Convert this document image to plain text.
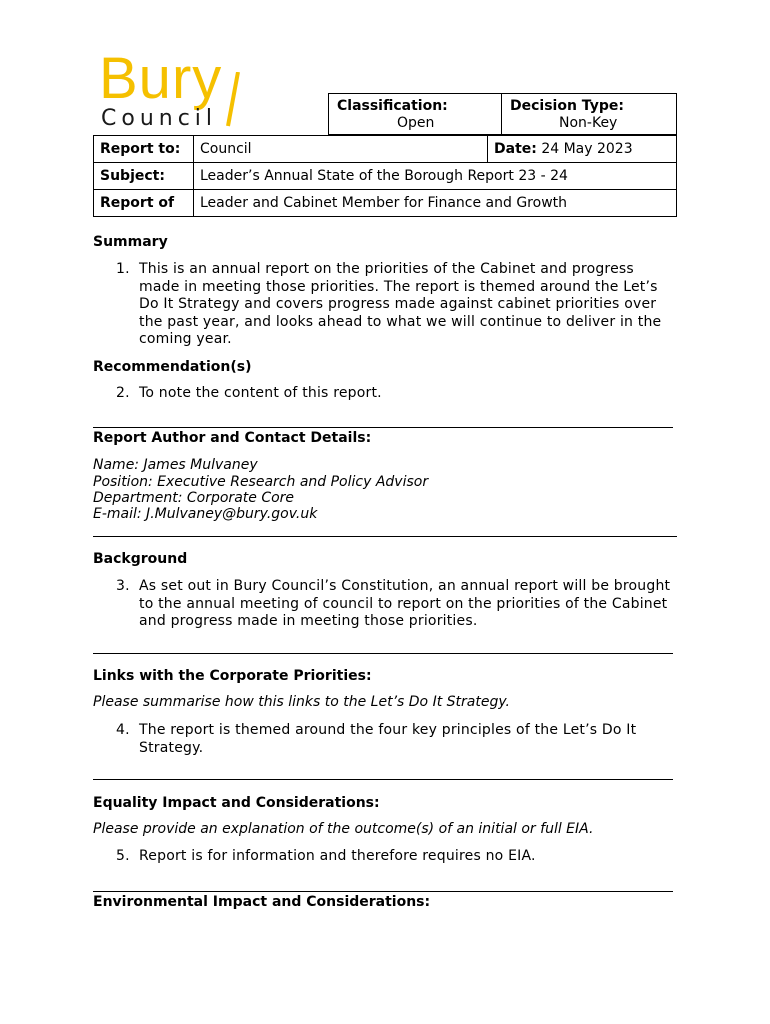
Bury
Council	Classification:
Open
Decision Type:
Non-Key
Report to:	Council	Date: 24 May 2023
Subject:	Leader’s Annual State of the Borough Report 23 - 24	
Report of	Leader and Cabinet Member for Finance and Growth	
Summary
1. This is an annual report on the priorities of the Cabinet and progress made in meeting those priorities. The report is themed around the Let’s Do It Strategy and covers progress made against cabinet priorities over the past year, and looks ahead to what we will continue to deliver in the coming year.
Recommendation(s)
2. To note the content of this report.
Report Author and Contact Details:
Name: James Mulvaney
Position: Executive Research and Policy Advisor
Department: Corporate Core
E-mail: J.Mulvaney@bury.gov.uk
Background
3. As set out in Bury Council’s Constitution, an annual report will be brought to the annual meeting of council to report on the priorities of the Cabinet and progress made in meeting those priorities.
Links with the Corporate Priorities:
Please summarise how this links to the Let’s Do It Strategy.
4. The report is themed around the four key principles of the Let’s Do It Strategy.
Equality Impact and Considerations:
Please provide an explanation of the outcome(s) of an initial or full EIA.
5. Report is for information and therefore requires no EIA.
Environmental Impact and Considerations:
